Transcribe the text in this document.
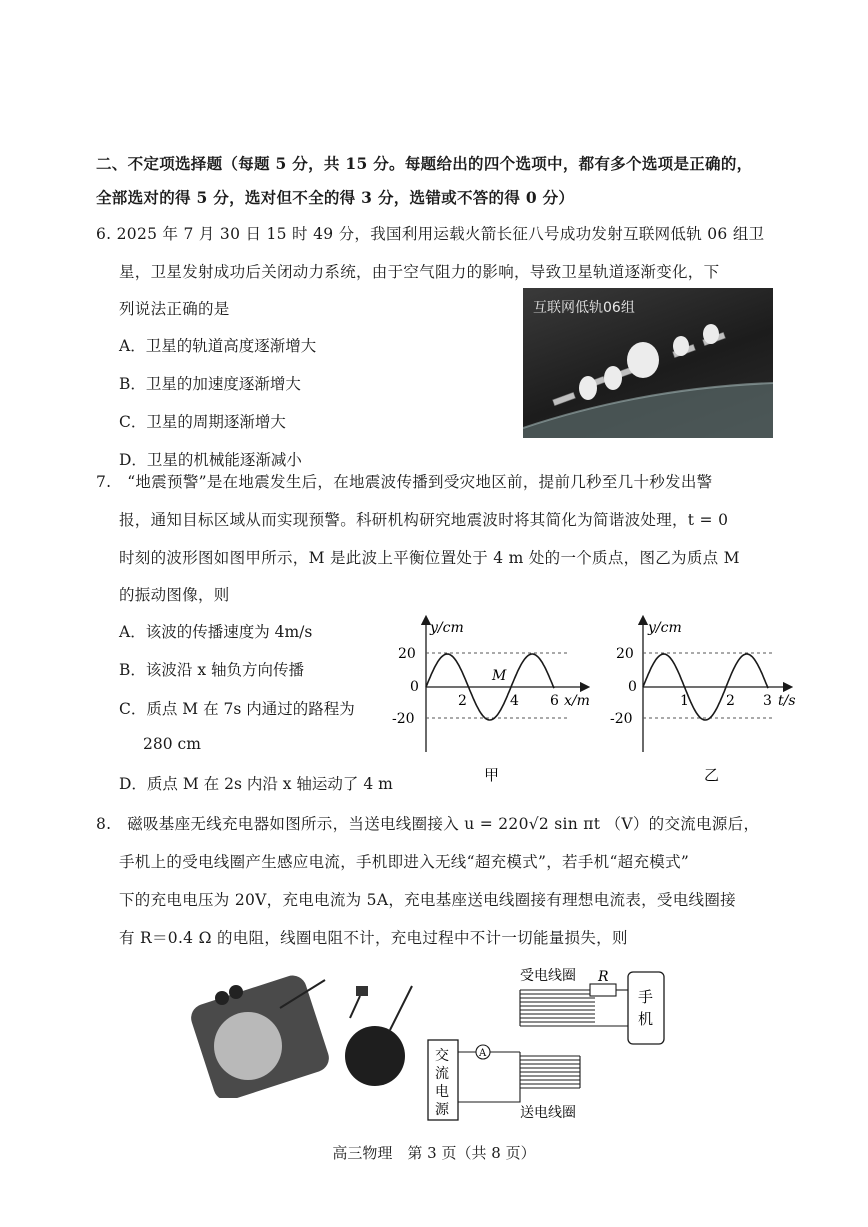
二、不定项选择题（每题 5 分，共 15 分。每题给出的四个选项中，都有多个选项是正确的，
全部选对的得 5 分，选对但不全的得 3 分，选错或不答的得 0 分）
6. 2025 年 7 月 30 日 15 时 49 分，我国利用运载火箭长征八号成功发射互联网低轨 06 组卫
星，卫星发射成功后关闭动力系统，由于空气阻力的影响，导致卫星轨道逐渐变化，下
列说法正确的是
A．卫星的轨道高度逐渐增大
B．卫星的加速度逐渐增大
C．卫星的周期逐渐增大
D．卫星的机械能逐渐减小
互联网低轨06组
7.　“地震预警”是在地震发生后，在地震波传播到受灾地区前，提前几秒至几十秒发出警
报，通知目标区域从而实现预警。科研机构研究地震波时将其简化为简谐波处理，t = 0
时刻的波形图如图甲所示，M 是此波上平衡位置处于 4 m 处的一个质点，图乙为质点 M
的振动图像，则
A．该波的传播速度为 4m/s
B．该波沿 x 轴负方向传播
C．质点 M 在 7s 内通过的路程为
280 cm
D．质点 M 在 2s 内沿 x 轴运动了 4 m
y/cm
20
0
-20
2	4 6 x/m
M
甲
y/cm
20
0
-20
1	2 3 t/s
乙
8.　磁吸基座无线充电器如图所示，当送电线圈接入 u = 220√2 sin πt （V）的交流电源后，
手机上的受电线圈产生感应电流，手机即进入无线“超充模式”，若手机“超充模式”
下的充电电压为 20V，充电电流为 5A，充电基座送电线圈接有理想电流表，受电线圈接
有 R＝0.4 Ω 的电阻，线圈电阻不计，充电过程中不计一切能量损失，则
受电线圈 R
手
机
交
流
电
源
A
送电线圈
高三物理　第 3 页（共 8 页）
